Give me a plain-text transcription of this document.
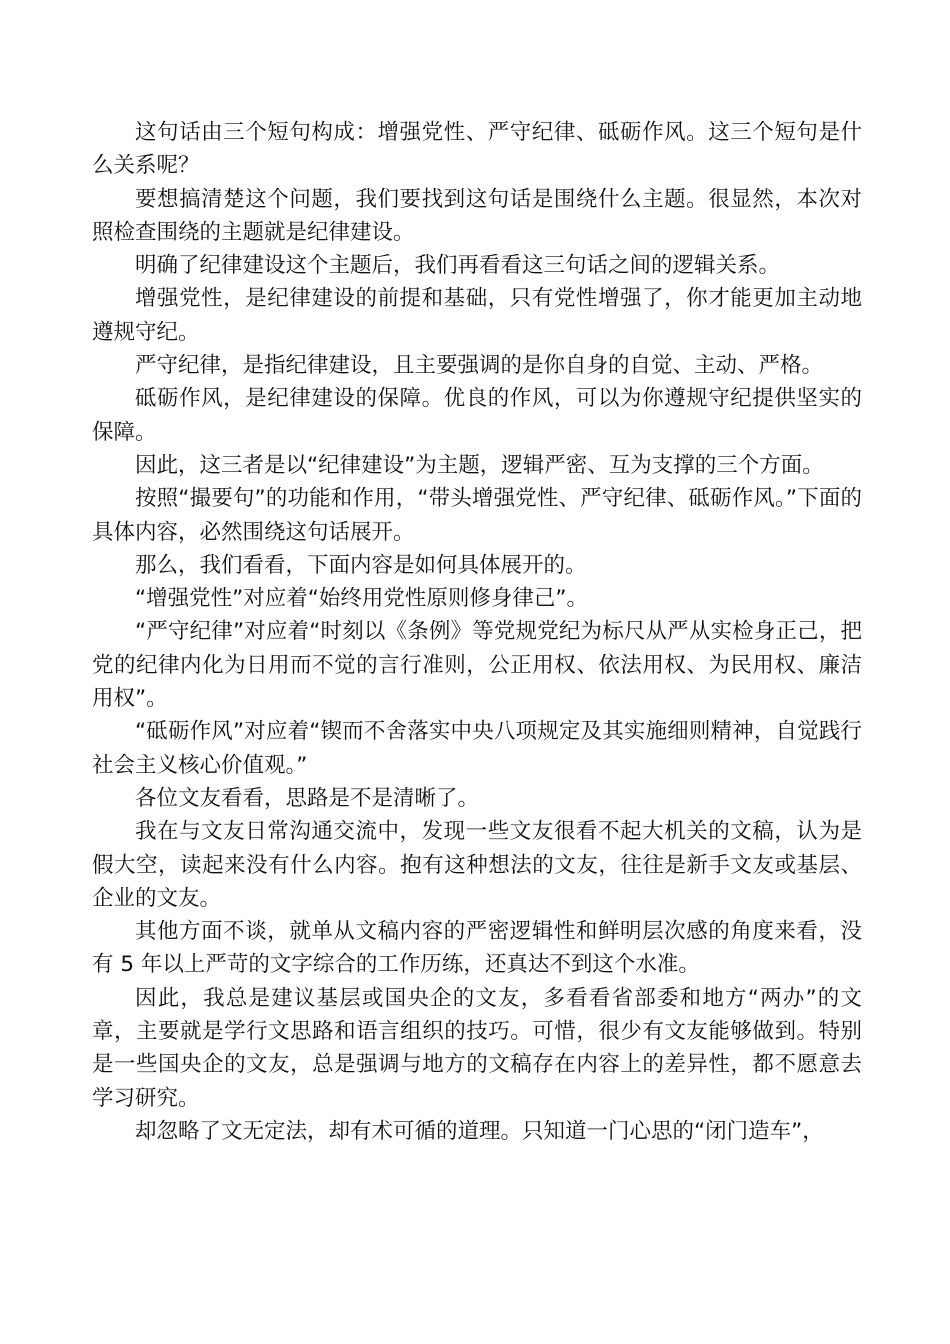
这句话由三个短句构成：增强党性、严守纪律、砥砺作风。这三个短句是什么关系呢？

要想搞清楚这个问题，我们要找到这句话是围绕什么主题。很显然，本次对照检查围绕的主题就是纪律建设。

明确了纪律建设这个主题后，我们再看看这三句话之间的逻辑关系。

增强党性，是纪律建设的前提和基础，只有党性增强了，你才能更加主动地遵规守纪。

严守纪律，是指纪律建设，且主要强调的是你自身的自觉、主动、严格。

砥砺作风，是纪律建设的保障。优良的作风，可以为你遵规守纪提供坚实的保障。

因此，这三者是以“纪律建设”为主题，逻辑严密、互为支撑的三个方面。

按照“撮要句”的功能和作用，“带头增强党性、严守纪律、砥砺作风。”下面的具体内容，必然围绕这句话展开。

那么，我们看看，下面内容是如何具体展开的。

“增强党性”对应着“始终用党性原则修身律己”。

“严守纪律”对应着“时刻以《条例》等党规党纪为标尺从严从实检身正己，把党的纪律内化为日用而不觉的言行准则，公正用权、依法用权、为民用权、廉洁用权”。

“砥砺作风”对应着“锲而不舍落实中央八项规定及其实施细则精神，自觉践行社会主义核心价值观。”

各位文友看看，思路是不是清晰了。

我在与文友日常沟通交流中，发现一些文友很看不起大机关的文稿，认为是假大空，读起来没有什么内容。抱有这种想法的文友，往往是新手文友或基层、企业的文友。

其他方面不谈，就单从文稿内容的严密逻辑性和鲜明层次感的角度来看，没有 5 年以上严苛的文字综合的工作历练，还真达不到这个水准。

因此，我总是建议基层或国央企的文友，多看看省部委和地方“两办”的文章，主要就是学行文思路和语言组织的技巧。可惜，很少有文友能够做到。特别是一些国央企的文友，总是强调与地方的文稿存在内容上的差异性，都不愿意去学习研究。

却忽略了文无定法，却有术可循的道理。只知道一门心思的“闭门造车”，
